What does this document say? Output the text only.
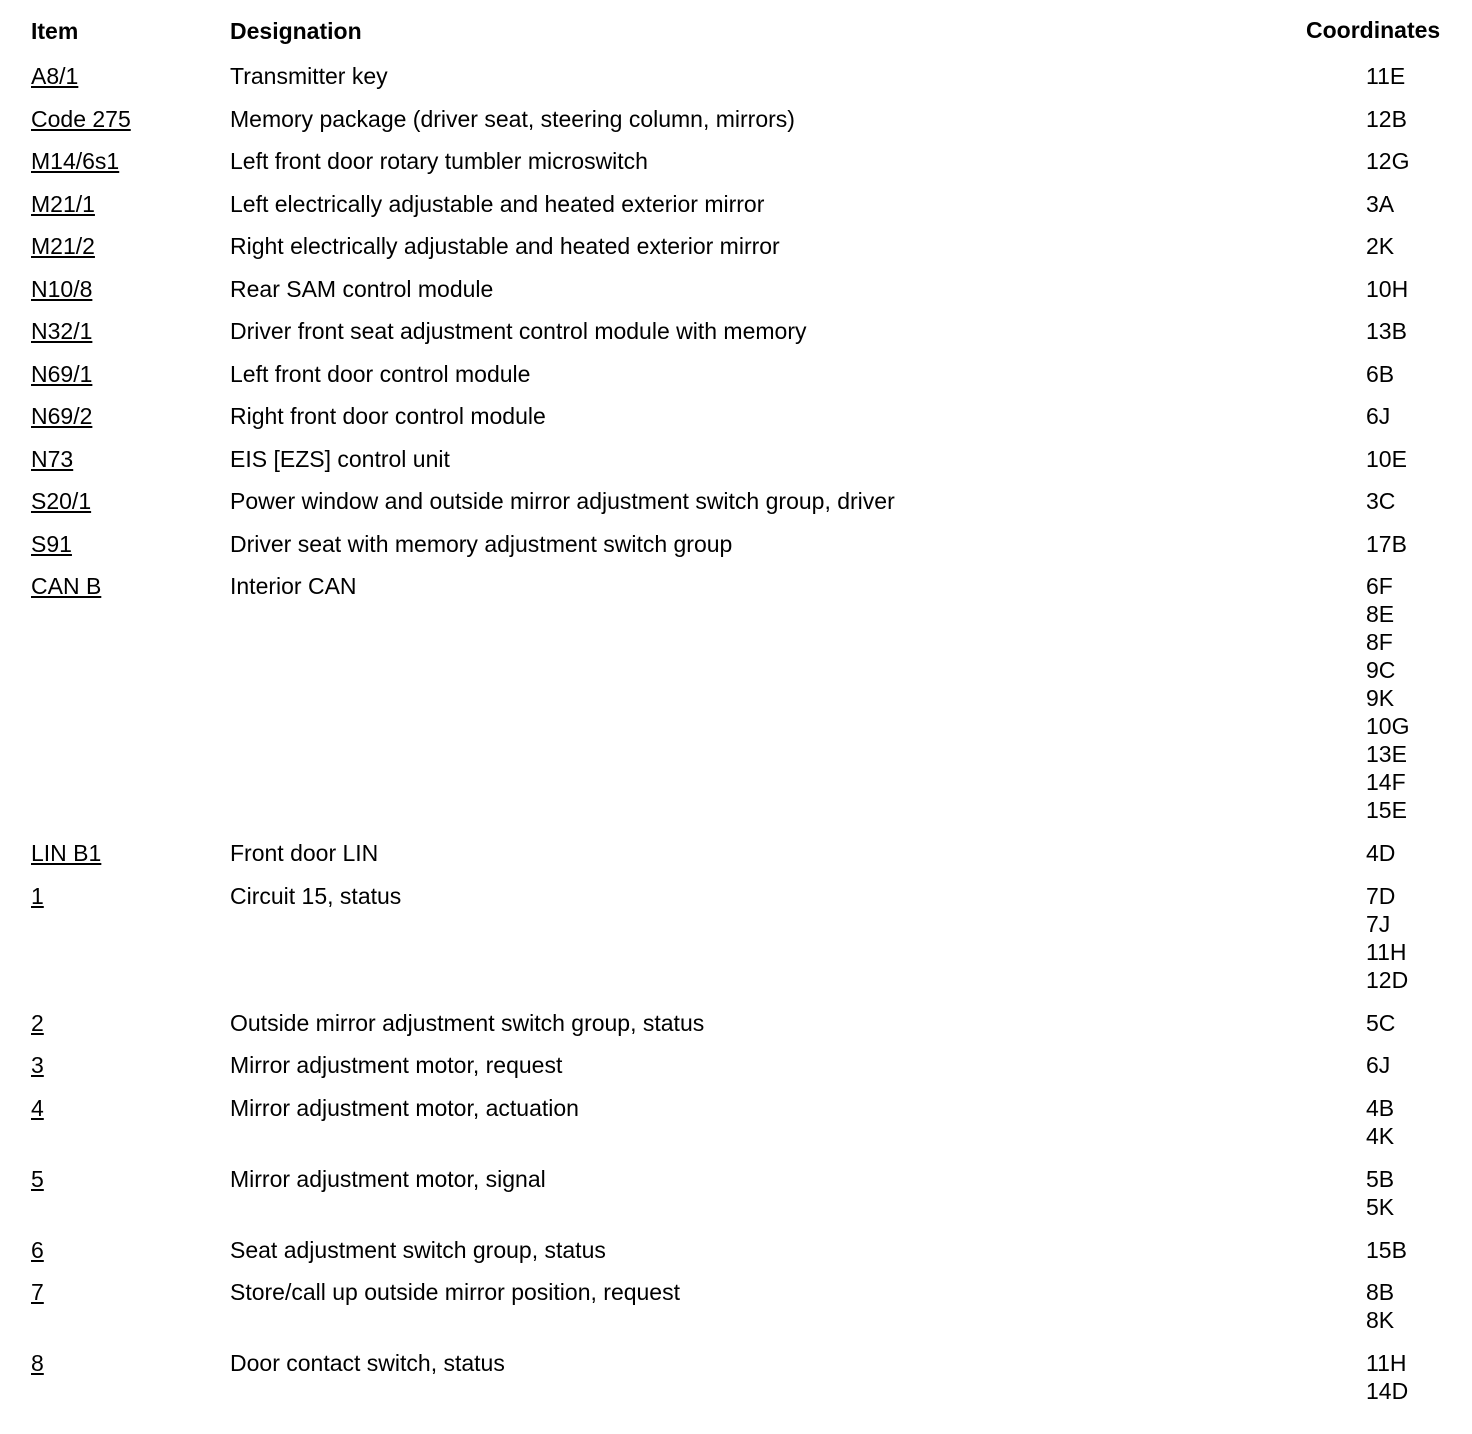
Item	Designation	Coordinates
A8/1	Transmitter key	11E
Code 275	Memory package (driver seat, steering column, mirrors)	12B
M14/6s1	Left front door rotary tumbler microswitch	12G
M21/1	Left electrically adjustable and heated exterior mirror	3A
M21/2	Right electrically adjustable and heated exterior mirror	2K
N10/8	Rear SAM control module	10H
N32/1	Driver front seat adjustment control module with memory	13B
N69/1	Left front door control module	6B
N69/2	Right front door control module	6J
N73	EIS [EZS] control unit	10E
S20/1	Power window and outside mirror adjustment switch group, driver	3C
S91	Driver seat with memory adjustment switch group	17B
CAN B	Interior CAN	6F
8E
8F
9C
9K
10G
13E
14F
15E
LIN B1	Front door LIN	4D
1	Circuit 15, status	7D
7J
11H
12D
2	Outside mirror adjustment switch group, status	5C
3	Mirror adjustment motor, request	6J
4	Mirror adjustment motor, actuation	4B
4K
5	Mirror adjustment motor, signal	5B
5K
6	Seat adjustment switch group, status	15B
7	Store/call up outside mirror position, request	8B
8K
8	Door contact switch, status	11H
14D
